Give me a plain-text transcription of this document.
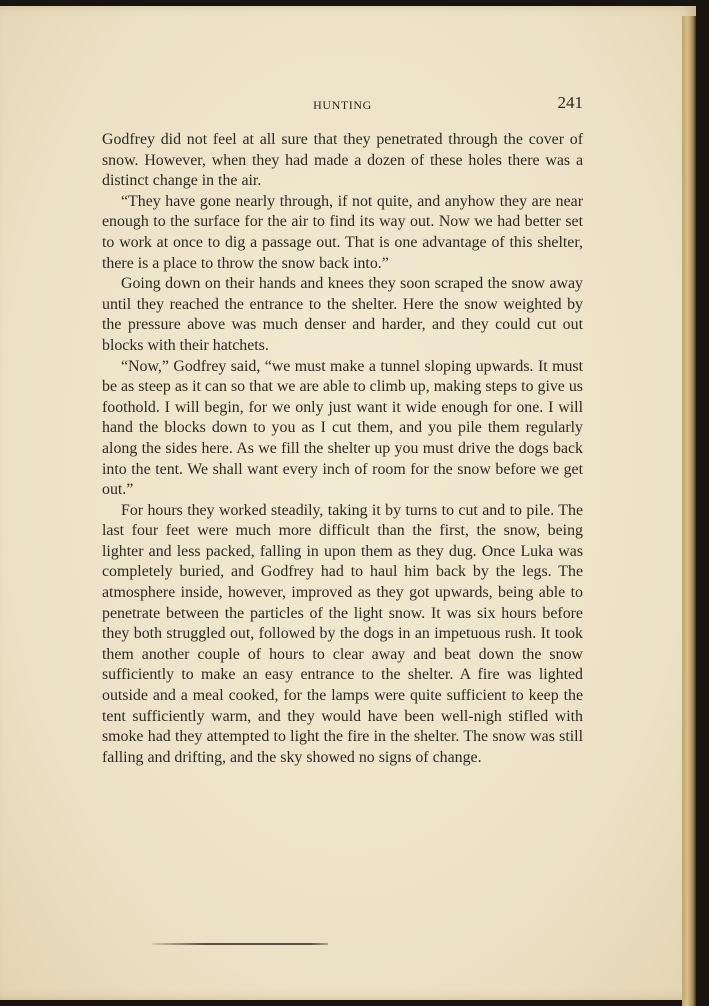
HUNTING	241

Godfrey did not feel at all sure that they penetrated through the cover of snow. However, when they had made a dozen of these holes there was a distinct change in the air.

“They have gone nearly through, if not quite, and anyhow they are near enough to the surface for the air to find its way out. Now we had better set to work at once to dig a passage out. That is one advantage of this shelter, there is a place to throw the snow back into.”

Going down on their hands and knees they soon scraped the snow away until they reached the entrance to the shelter. Here the snow weighted by the pressure above was much denser and harder, and they could cut out blocks with their hatchets.

“Now,” Godfrey said, “we must make a tunnel sloping upwards. It must be as steep as it can so that we are able to climb up, making steps to give us foothold. I will begin, for we only just want it wide enough for one. I will hand the blocks down to you as I cut them, and you pile them regularly along the sides here. As we fill the shelter up you must drive the dogs back into the tent. We shall want every inch of room for the snow before we get out.”

For hours they worked steadily, taking it by turns to cut and to pile. The last four feet were much more difficult than the first, the snow, being lighter and less packed, falling in upon them as they dug. Once Luka was completely buried, and Godfrey had to haul him back by the legs. The atmosphere inside, however, improved as they got upwards, being able to penetrate between the particles of the light snow. It was six hours before they both struggled out, followed by the dogs in an impetuous rush. It took them another couple of hours to clear away and beat down the snow sufficiently to make an easy entrance to the shelter. A fire was lighted outside and a meal cooked, for the lamps were quite sufficient to keep the tent sufficiently warm, and they would have been well-nigh stifled with smoke had they attempted to light the fire in the shelter. The snow was still falling and drifting, and the sky showed no signs of change.
